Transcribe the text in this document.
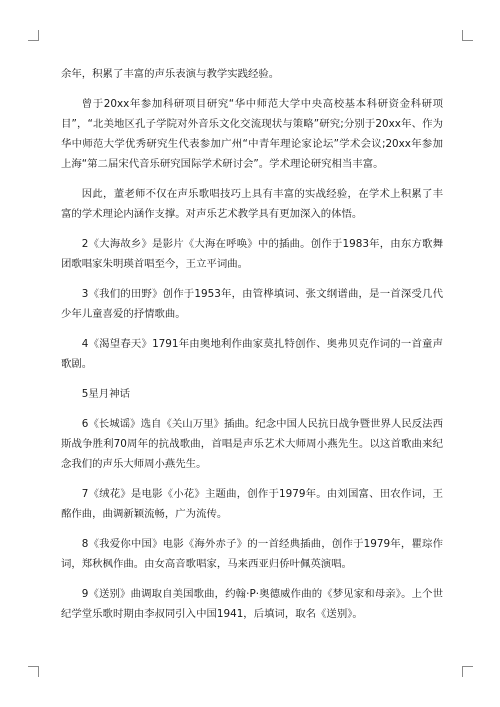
余年，积累了丰富的声乐表演与教学实践经验。

曾于20xx年参加科研项目研究“华中师范大学中央高校基本科研资金科研项目”，“北美地区孔子学院对外音乐文化交流现状与策略”研究;分别于20xx年、作为华中师范大学优秀研究生代表参加广州“中青年理论家论坛”学术会议;20xx年参加上海“第二届宋代音乐研究国际学术研讨会”。学术理论研究相当丰富。

因此，董老师不仅在声乐歌唱技巧上具有丰富的实战经验，在学术上积累了丰富的学术理论内涵作支撑。对声乐艺术教学具有更加深入的体悟。

2《大海故乡》是影片《大海在呼唤》中的插曲。创作于1983年，由东方歌舞团歌唱家朱明瑛首唱至今，王立平词曲。

3《我们的田野》创作于1953年，由管桦填词、张文纲谱曲，是一首深受几代少年儿童喜爱的抒情歌曲。

4《渴望春天》1791年由奥地利作曲家莫扎特创作、奥弗贝克作词的一首童声歌剧。

5星月神话

6《长城谣》选自《关山万里》插曲。纪念中国人民抗日战争暨世界人民反法西斯战争胜利70周年的抗战歌曲，首唱是声乐艺术大师周小燕先生。以这首歌曲来纪念我们的声乐大师周小燕先生。

7《绒花》是电影《小花》主题曲，创作于1979年。由刘国富、田农作词，王酩作曲，曲调新颖流畅，广为流传。

8《我爱你中国》电影《海外赤子》的一首经典插曲，创作于1979年，瞿琮作词，郑秋枫作曲。由女高音歌唱家，马来西亚归侨叶佩英演唱。

9《送别》曲调取自美国歌曲，约翰·P·奥德威作曲的《梦见家和母亲》。上个世纪学堂乐歌时期由李叔同引入中国1941，后填词，取名《送别》。
